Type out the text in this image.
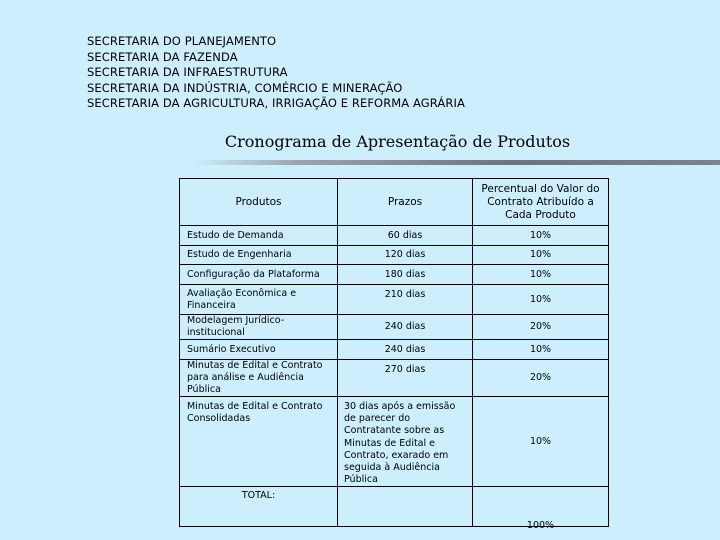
SECRETARIA DO PLANEJAMENTO
SECRETARIA DA FAZENDA
SECRETARIA DA INFRAESTRUTURA
SECRETARIA DA INDÚSTRIA, COMÉRCIO E MINERAÇÃO
SECRETARIA DA AGRICULTURA, IRRIGAÇÃO E REFORMA AGRÁRIA
Cronograma de Apresentação de Produtos
Produtos	Prazos	Percentual do Valor do Contrato Atribuído a Cada Produto
Estudo de Demanda	60 dias	10%
Estudo de Engenharia	120 dias	10%
Configuração da Plataforma	180 dias	10%
Avaliação Econômica e Financeira	210 dias	10%
Modelagem Jurídico-institucional	240 dias	20%
Sumário Executivo	240 dias	10%
Minutas de Edital e Contrato para análise e Audiência Pública	270 dias	20%
Minutas de Edital e Contrato Consolidadas	30 dias após a emissão de parecer do Contratante sobre as Minutas de Edital e Contrato, exarado em seguida à Audiência Pública	10%
TOTAL:		100%
